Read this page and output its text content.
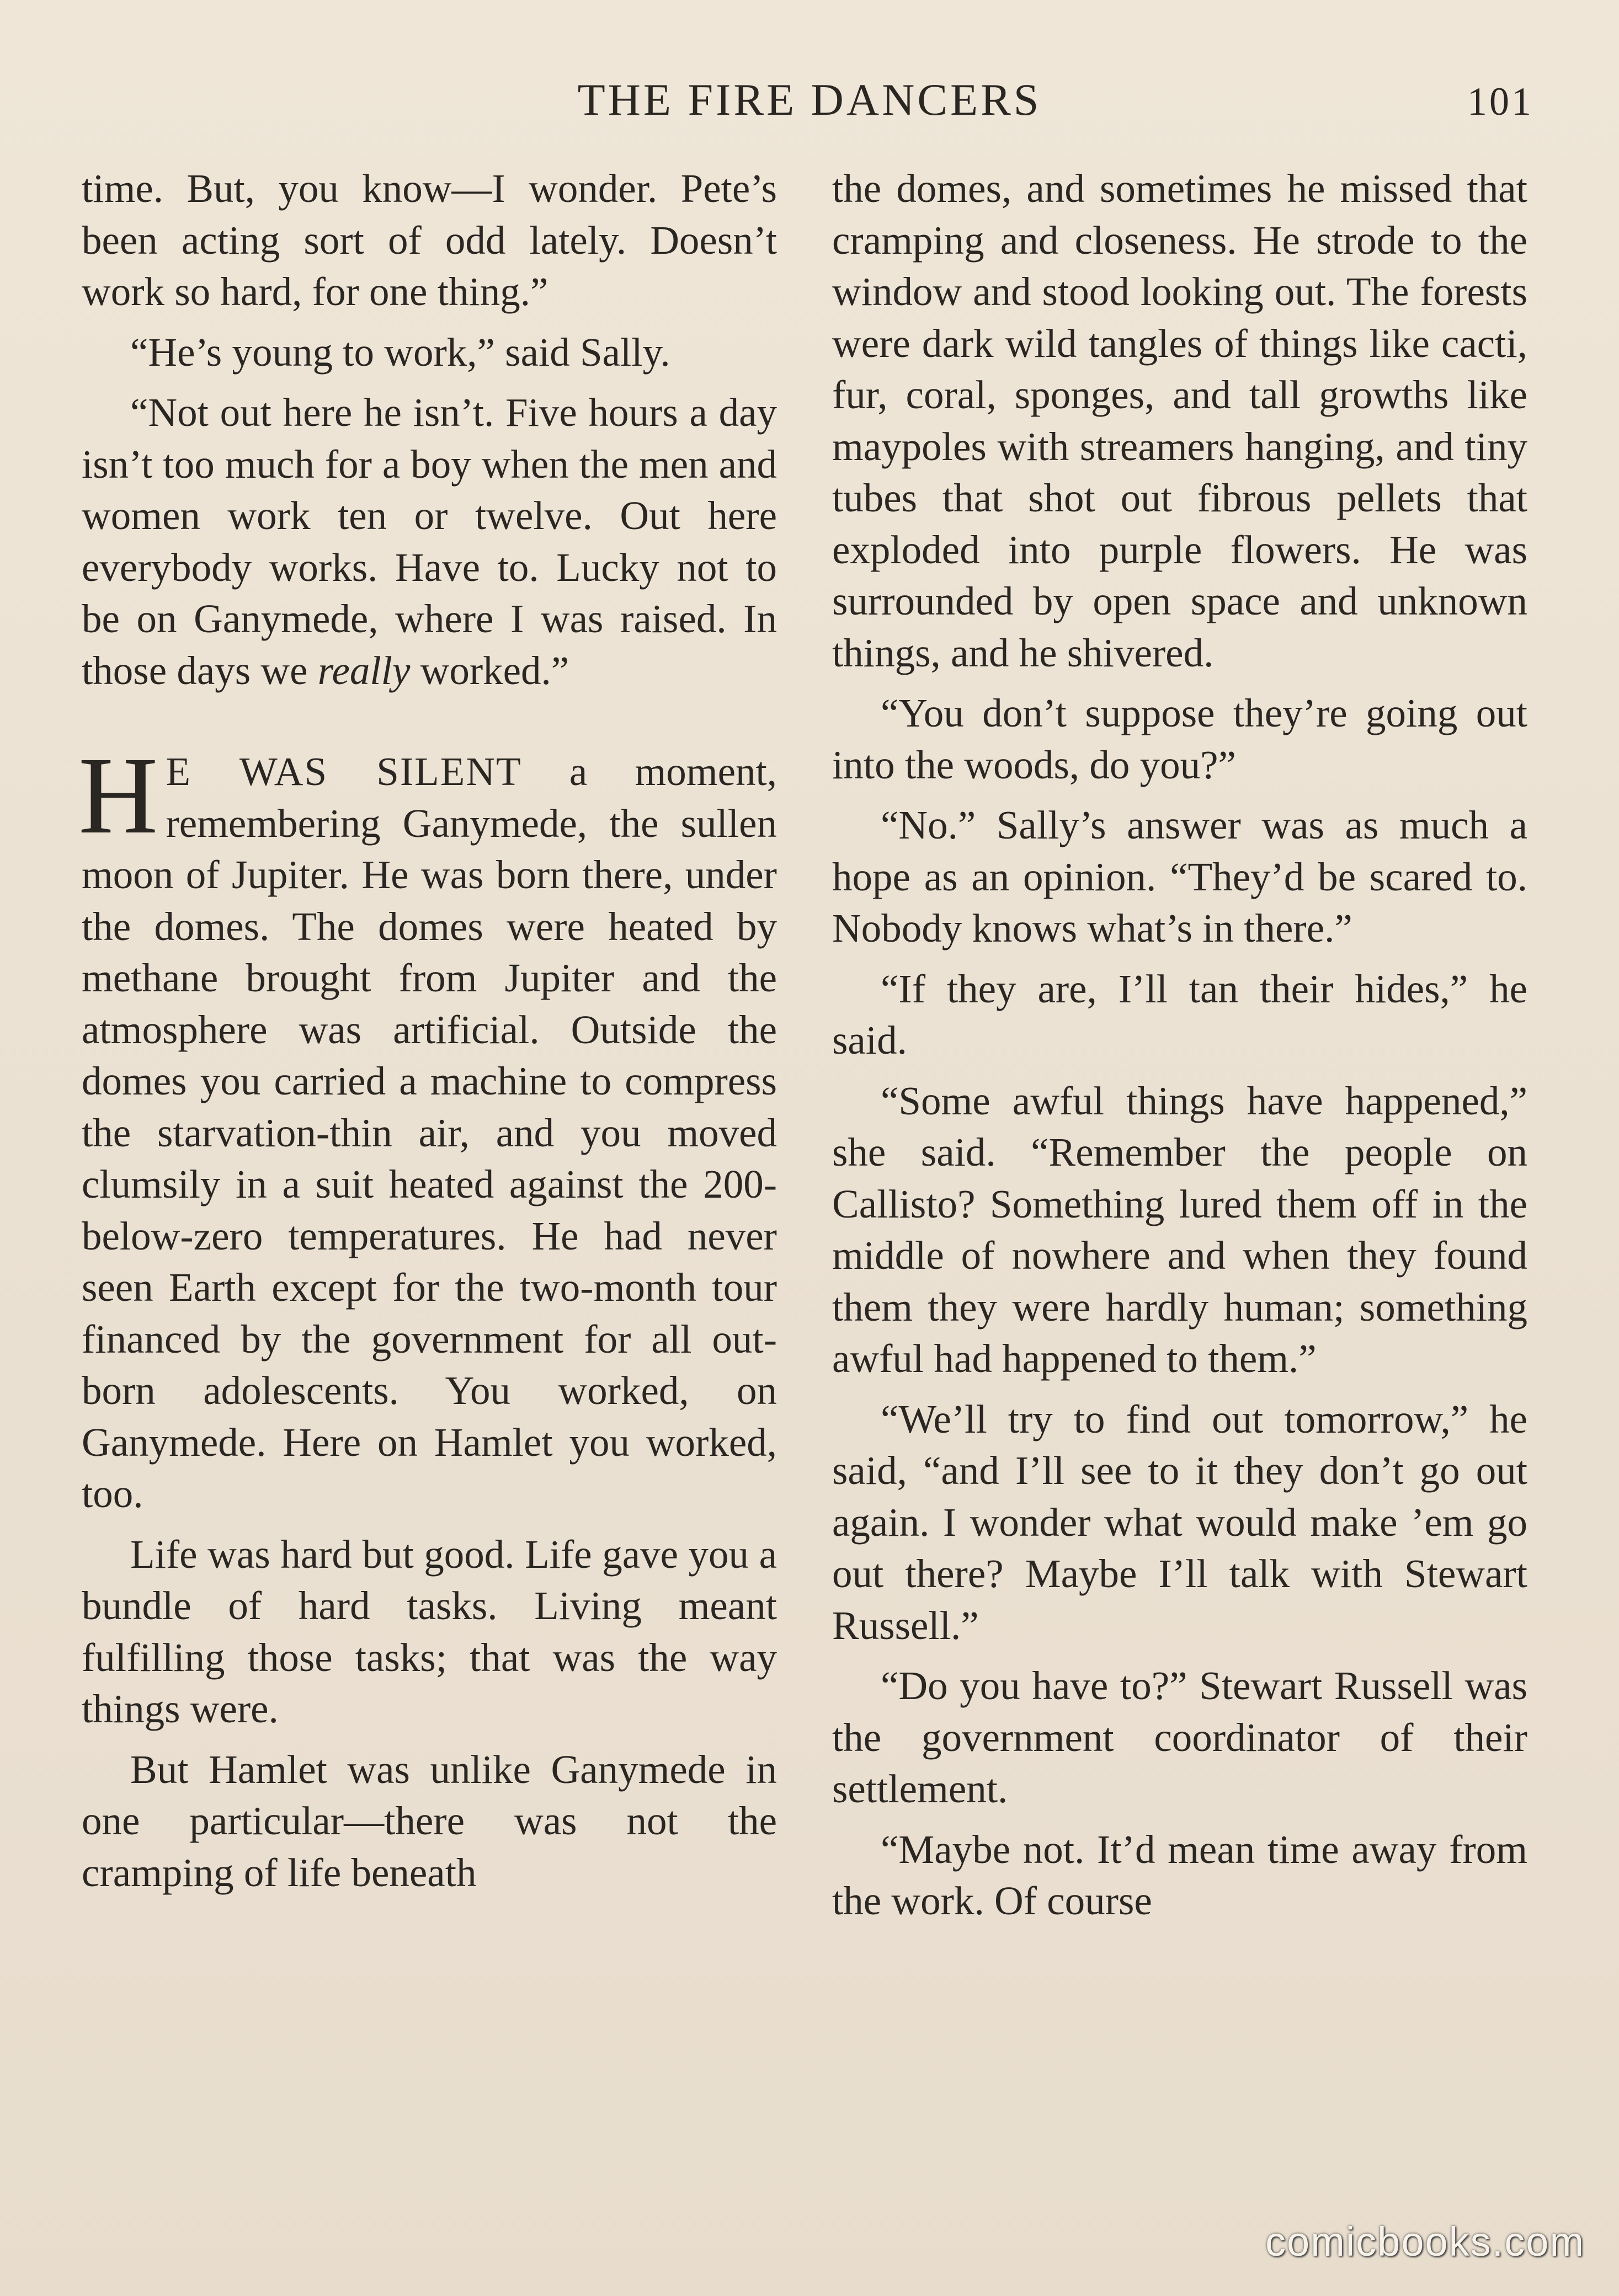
THE FIRE DANCERS	101

time. But, you know—I wonder. Pete’s been acting sort of odd lately. Doesn’t work so hard, for one thing.”

“He’s young to work,” said Sally.

“Not out here he isn’t. Five hours a day isn’t too much for a boy when the men and women work ten or twelve. Out here everybody works. Have to. Lucky not to be on Ganymede, where I was raised. In those days we really worked.”

H E WAS SILENT a moment, remembering Ganymede, the sullen moon of Jupiter. He was born there, under the domes. The domes were heated by methane brought from Jupiter and the atmosphere was artificial. Outside the domes you carried a machine to compress the starvation-thin air, and you moved clumsily in a suit heated against the 200-below-zero temperatures. He had never seen Earth except for the two-month tour financed by the government for all out-born adolescents. You worked, on Ganymede. Here on Hamlet you worked, too.

Life was hard but good. Life gave you a bundle of hard tasks. Living meant fulfilling those tasks; that was the way things were.

But Hamlet was unlike Ganymede in one particular—there was not the cramping of life beneath

the domes, and sometimes he missed that cramping and closeness. He strode to the window and stood looking out. The forests were dark wild tangles of things like cacti, fur, coral, sponges, and tall growths like maypoles with streamers hanging, and tiny tubes that shot out fibrous pellets that exploded into purple flowers. He was surrounded by open space and unknown things, and he shivered.

“You don’t suppose they’re going out into the woods, do you?”

“No.” Sally’s answer was as much a hope as an opinion. “They’d be scared to. Nobody knows what’s in there.”

“If they are, I’ll tan their hides,” he said.

“Some awful things have happened,” she said. “Remember the people on Callisto? Something lured them off in the middle of nowhere and when they found them they were hardly human; something awful had happened to them.”

“We’ll try to find out tomorrow,” he said, “and I’ll see to it they don’t go out again. I wonder what would make ’em go out there? Maybe I’ll talk with Stewart Russell.”

“Do you have to?” Stewart Russell was the government coordinator of their settlement.

“Maybe not. It’d mean time away from the work. Of course

comicbooks.com
